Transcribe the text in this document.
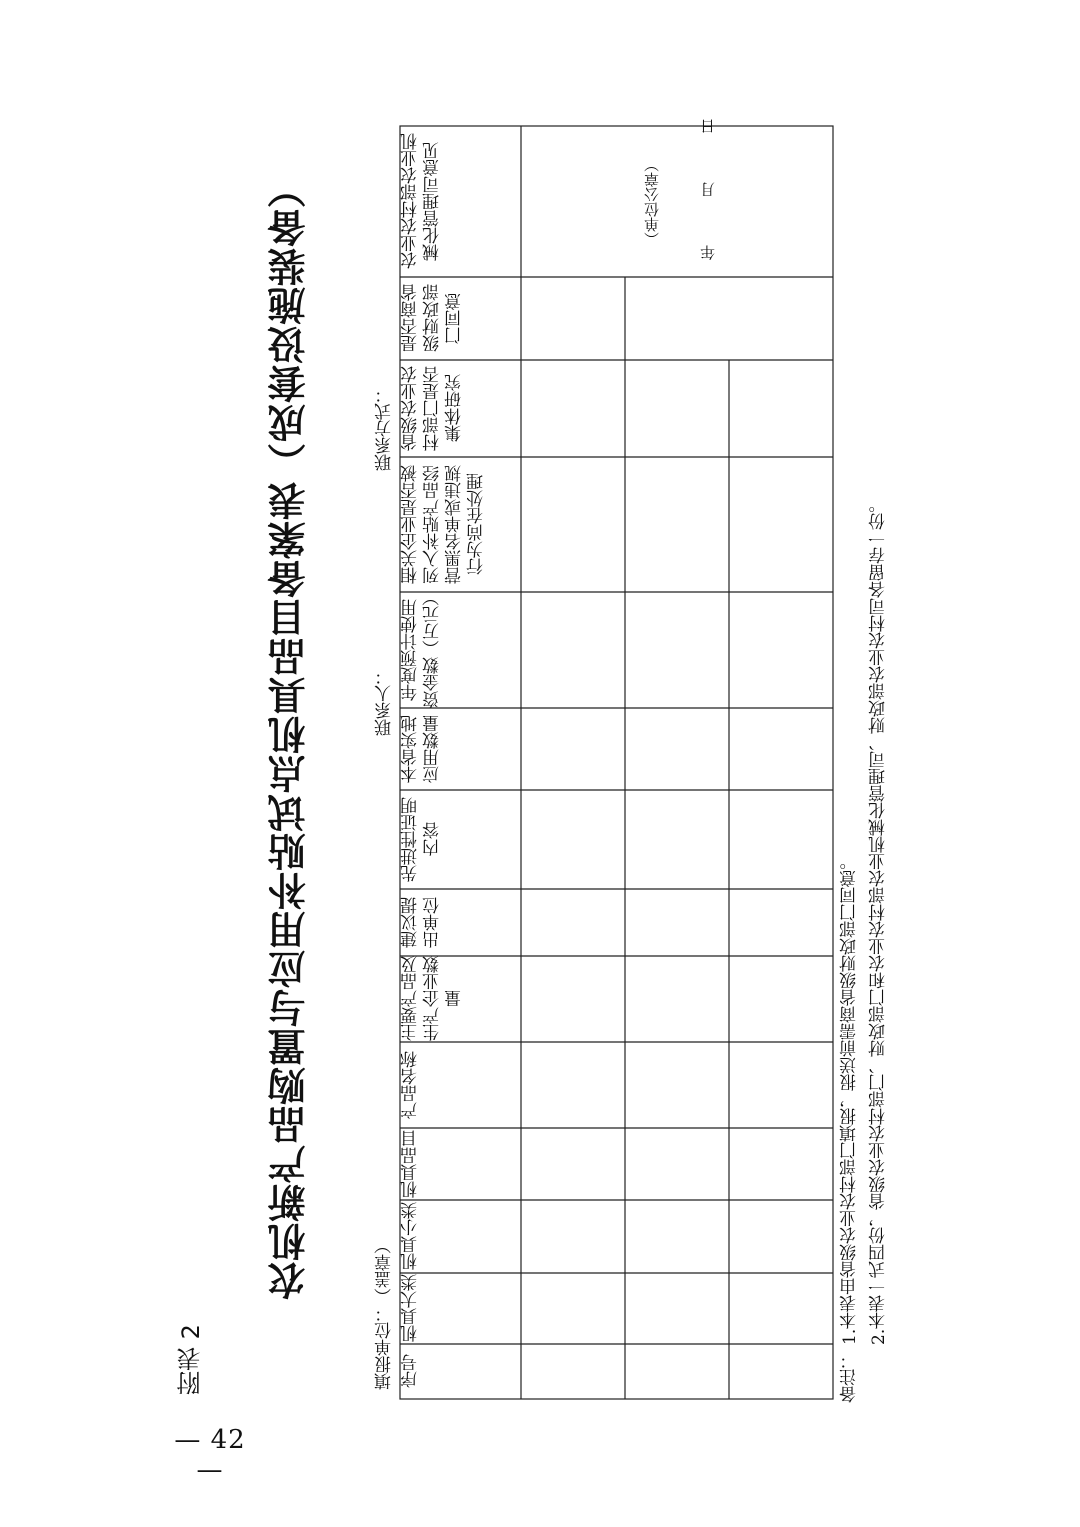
— 42 —
附表 2
农机新产品购置与应用补贴试点机具品目备案表（成套设施装备）
填报单位：（盖章）
联系人：
联系方式：
序号
机具大类
机具小类
机具品目
产品名称
主要产品及生产企业数量
建议提出单位
先进性证明内容
本省实地应用数量
年度预计使用资金数（万元）
相关企业是否被列入补贴产品经营黑名单或违规行为尚在处理
省级农业农村部门是否集体研究
是否商省级财政部门同意
农业农村部农业机械化管理司意见	（单位公章）	年　　月　　日
备注：
1.本表由省级农业农村部门填报，报送前需商省级财政部门同意。 2.本表一式四份，省级农业农村部门、财政部门和农业农村部农业机械化管理司、财政部农业农村司各留存一份。
